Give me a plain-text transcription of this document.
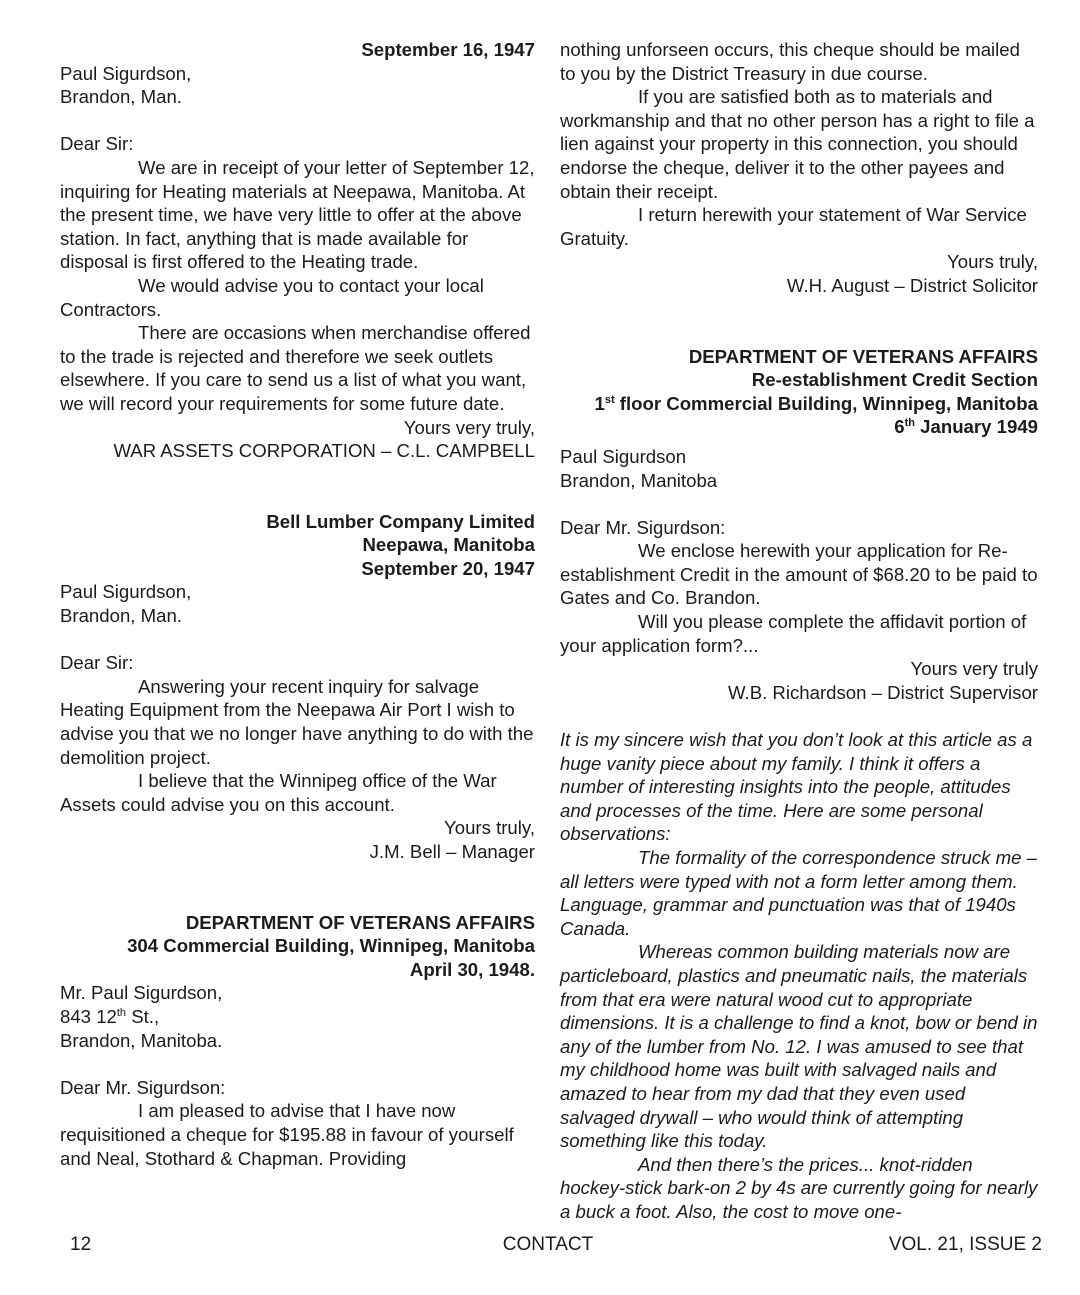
September 16, 1947

Paul Sigurdson,

Brandon, Man.

Dear Sir:

We are in receipt of your letter of September 12, inquiring for Heating materials at Neepawa, Manitoba. At the present time, we have very little to offer at the above station. In fact, anything that is made available for disposal is first offered to the Heating trade.

We would advise you to contact your local Contractors.

There are occasions when merchandise offered to the trade is rejected and therefore we seek outlets elsewhere. If you care to send us a list of what you want, we will record your requirements for some future date.

Yours very truly,

WAR ASSETS CORPORATION – C.L. CAMPBELL

Bell Lumber Company Limited

Neepawa, Manitoba

September 20, 1947

Paul Sigurdson,

Brandon, Man.

Dear Sir:

Answering your recent inquiry for salvage Heating Equipment from the Neepawa Air Port I wish to advise you that we no longer have anything to do with the demolition project.

I believe that the Winnipeg office of the War Assets could advise you on this account.

Yours truly,

J.M. Bell – Manager

DEPARTMENT OF VETERANS AFFAIRS

304 Commercial Building, Winnipeg, Manitoba

April 30, 1948.

Mr. Paul Sigurdson,

843 12th St.,

Brandon, Manitoba.

Dear Mr. Sigurdson:

I am pleased to advise that I have now requisitioned a cheque for $195.88 in favour of yourself and Neal, Stothard & Chapman. Providing

nothing unforseen occurs, this cheque should be mailed to you by the District Treasury in due course.

If you are satisfied both as to materials and workmanship and that no other person has a right to file a lien against your property in this connection, you should endorse the cheque, deliver it to the other payees and obtain their receipt.

I return herewith your statement of War Service Gratuity.

Yours truly,

W.H. August – District Solicitor

DEPARTMENT OF VETERANS AFFAIRS

Re-establishment Credit Section

1st floor Commercial Building, Winnipeg, Manitoba

6th January 1949

Paul Sigurdson

Brandon, Manitoba

Dear Mr. Sigurdson:

We enclose herewith your application for Re-establishment Credit in the amount of $68.20 to be paid to Gates and Co. Brandon.

Will you please complete the affidavit portion of your application form?...

Yours very truly

W.B. Richardson – District Supervisor

It is my sincere wish that you don’t look at this article as a huge vanity piece about my family. I think it offers a number of interesting insights into the people, attitudes and processes of the time. Here are some personal observations:

The formality of the correspondence struck me – all letters were typed with not a form letter among them. Language, grammar and punctuation was that of 1940s Canada.

Whereas common building materials now are particleboard, plastics and pneumatic nails, the materials from that era were natural wood cut to appropriate dimensions. It is a challenge to find a knot, bow or bend in any of the lumber from No. 12. I was amused to see that my childhood home was built with salvaged nails and amazed to hear from my dad that they even used salvaged drywall – who would think of attempting something like this today.

And then there’s the prices... knot-ridden hockey-stick bark-on 2 by 4s are currently going for nearly a buck a foot. Also, the cost to move one-

12	CONTACT	VOL. 21, ISSUE 2
